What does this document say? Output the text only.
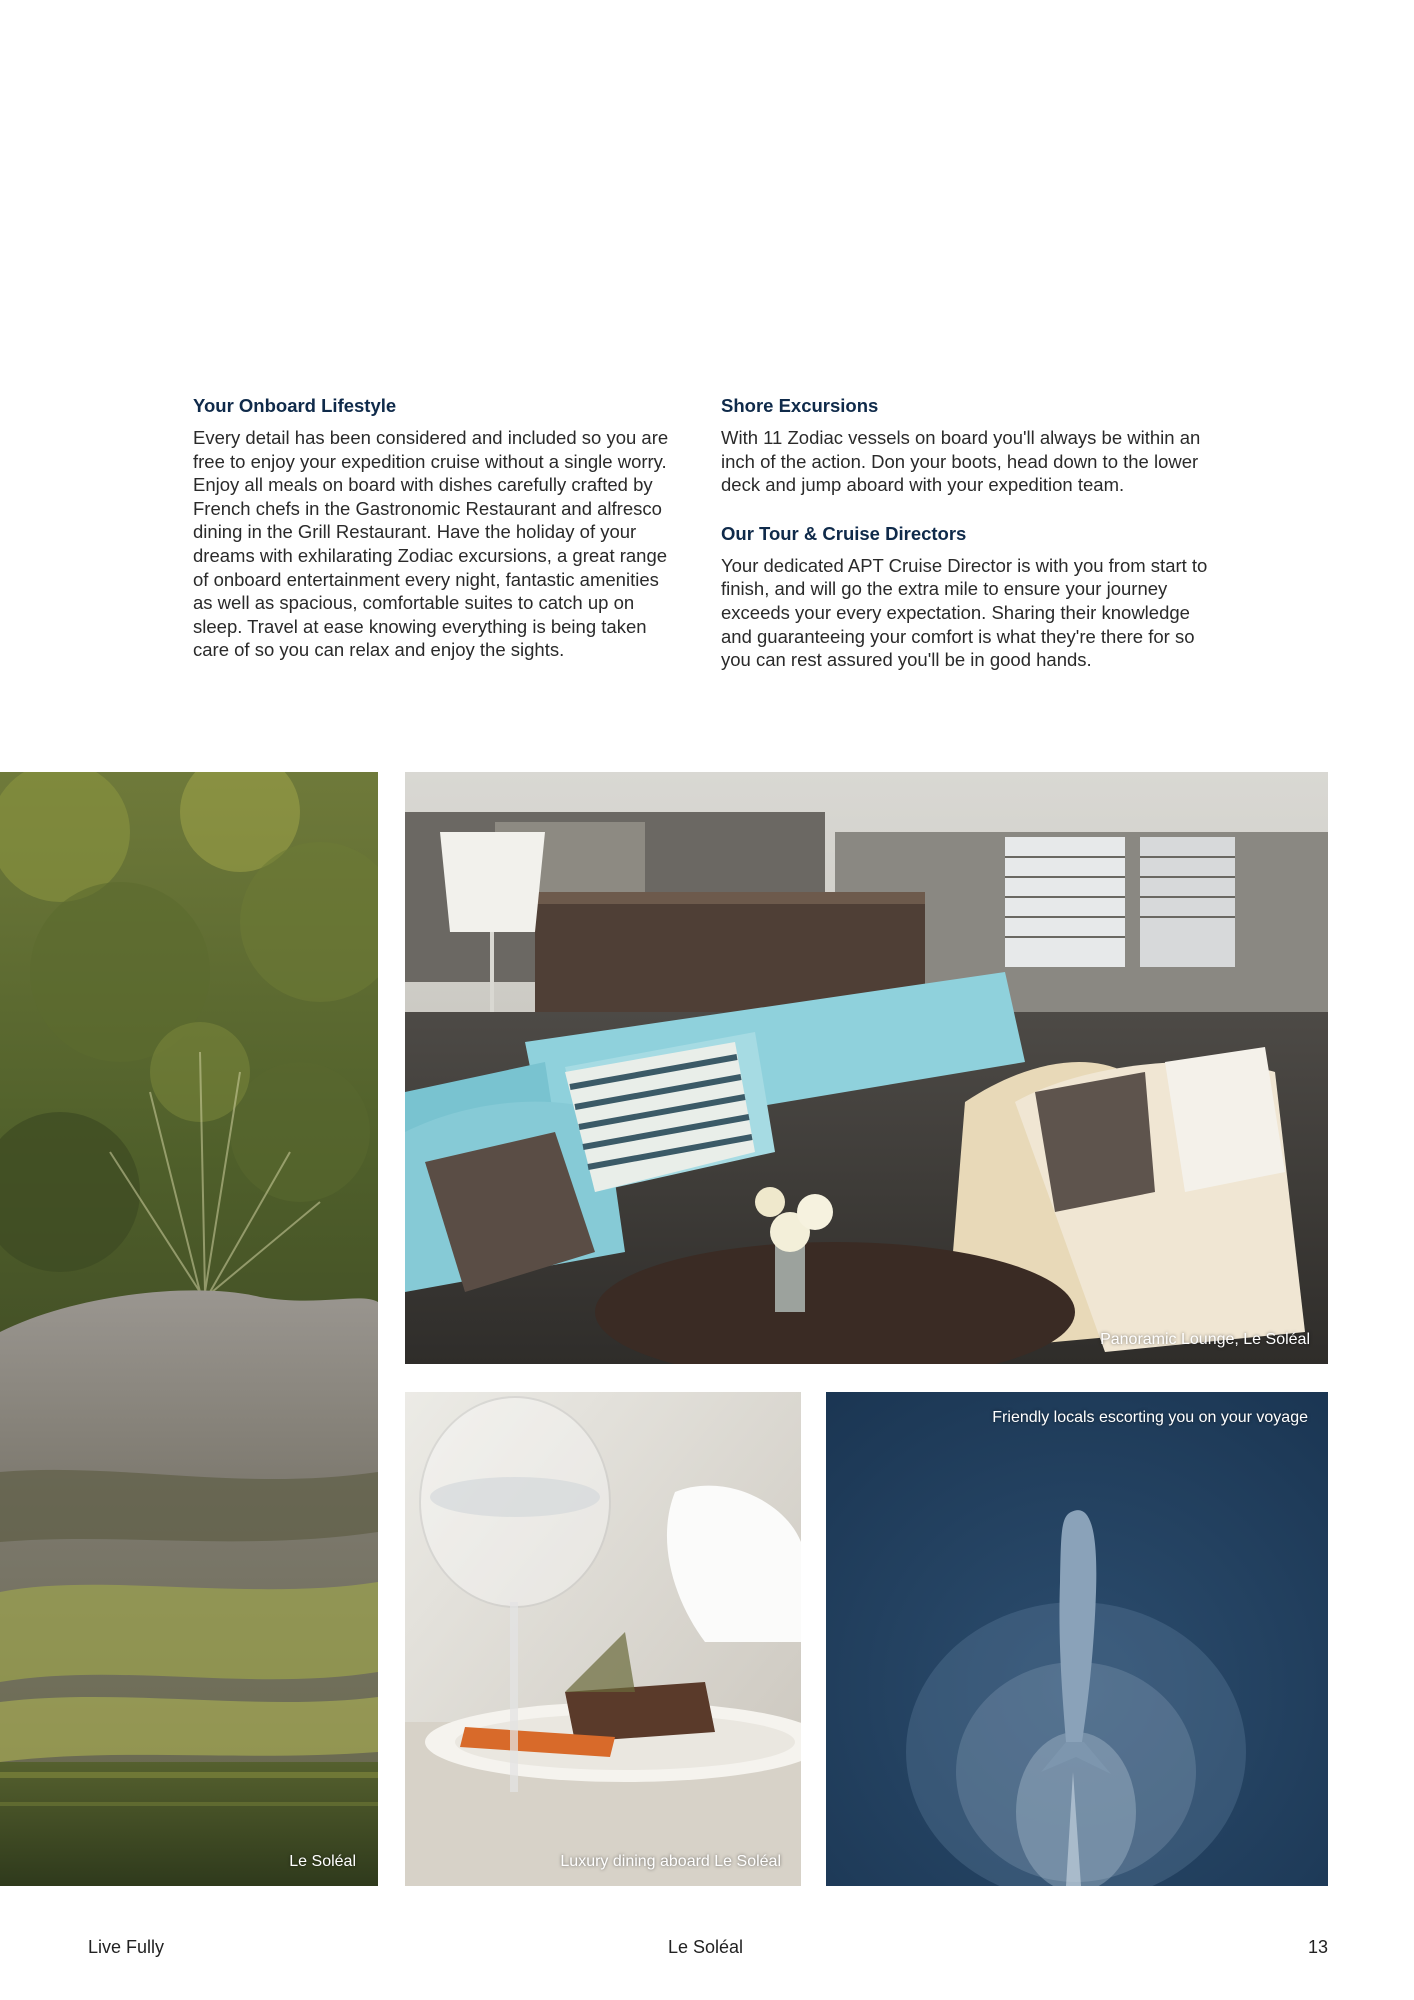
Your Onboard Lifestyle

Every detail has been considered and included so you are free to enjoy your expedition cruise without a single worry. Enjoy all meals on board with dishes carefully crafted by French chefs in the Gastronomic Restaurant and alfresco dining in the Grill Restaurant. Have the holiday of your dreams with exhilarating Zodiac excursions, a great range of onboard entertainment every night, fantastic amenities as well as spacious, comfortable suites to catch up on sleep. Travel at ease knowing everything is being taken care of so you can relax and enjoy the sights.

Shore Excursions

With 11 Zodiac vessels on board you'll always be within an inch of the action. Don your boots, head down to the lower deck and jump aboard with your expedition team.

Our Tour & Cruise Directors

Your dedicated APT Cruise Director is with you from start to finish, and will go the extra mile to ensure your journey exceeds your every expectation. Sharing their knowledge and guaranteeing your comfort is what they're there for so you can rest assured you'll be in good hands.

Le Soléal
Panoramic Lounge, Le Soléal
Luxury dining aboard Le Soléal
Friendly locals escorting you on your voyage
Live Fully	Le Soléal	13
